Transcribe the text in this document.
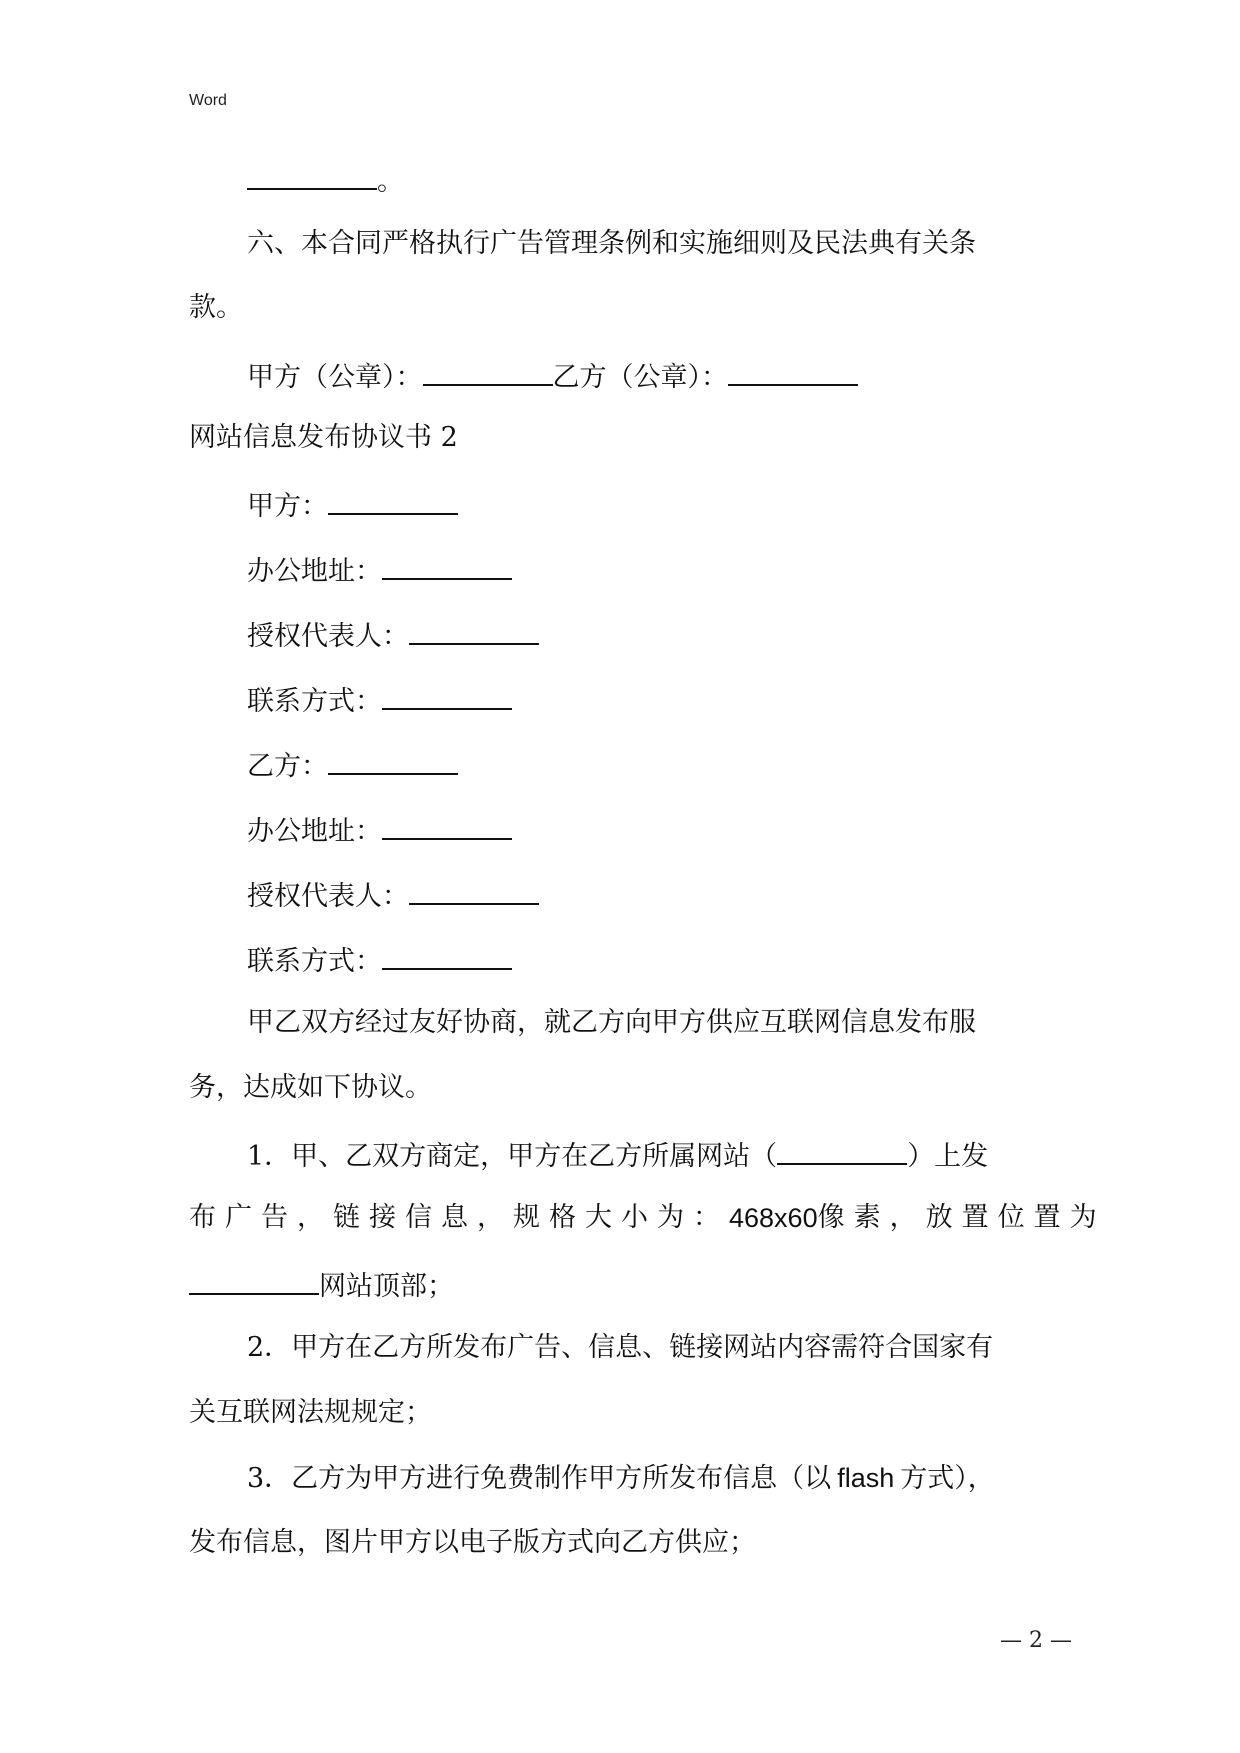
Word
。
六、本合同严格执行广告管理条例和实施细则及民法典有关条
款。
甲方（公章）：	乙方（公章）：
网站信息发布协议书 2
甲方：
办公地址：
授权代表人：
联系方式：
乙方：
办公地址：
授权代表人：
联系方式：
甲乙双方经过友好协商，就乙方向甲方供应互联网信息发布服
务，达成如下协议。
1．甲、乙双方商定，甲方在乙方所属网站（	）上发
布广告，链接信息，规格大小为： 468x60 像素，放置位置为
网站顶部；
2．甲方在乙方所发布广告、信息、链接网站内容需符合国家有
关互联网法规规定；
3．乙方为甲方进行免费制作甲方所发布信息（以 flash 方式），
发布信息，图片甲方以电子版方式向乙方供应；
— 2 —
